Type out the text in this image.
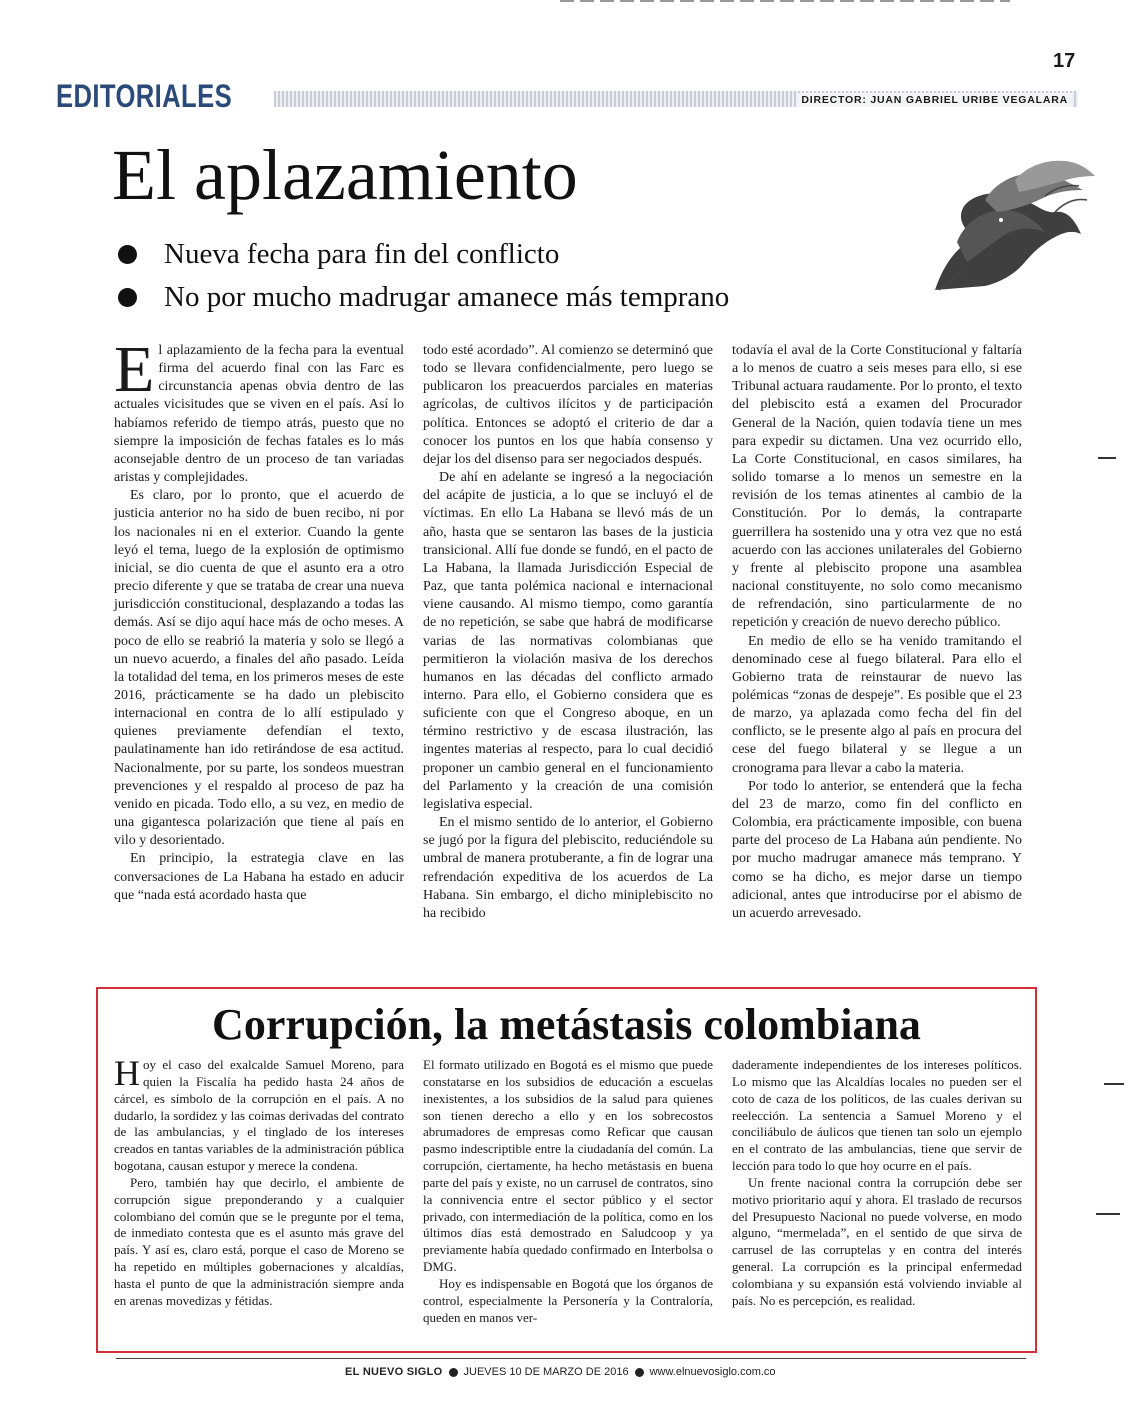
17
EDITORIALES	DIRECTOR: JUAN GABRIEL URIBE VEGALARA
El aplazamiento
Nueva fecha para fin del conflicto
No por mucho madrugar amanece más temprano

El aplazamiento de la fecha para la eventual firma del acuerdo final con las Farc es circunstancia apenas obvia dentro de las actuales vicisitudes que se viven en el país. Así lo habíamos referido de tiempo atrás, puesto que no siempre la imposición de fechas fatales es lo más aconsejable dentro de un proceso de tan variadas aristas y complejidades.

Es claro, por lo pronto, que el acuerdo de justicia anterior no ha sido de buen recibo, ni por los nacionales ni en el exterior. Cuando la gente leyó el tema, luego de la explosión de optimismo inicial, se dio cuenta de que el asunto era a otro precio diferente y que se trataba de crear una nueva jurisdicción constitucional, desplazando a todas las demás. Así se dijo aquí hace más de ocho meses. A poco de ello se reabrió la materia y solo se llegó a un nuevo acuerdo, a finales del año pasado. Leída la totalidad del tema, en los primeros meses de este 2016, prácticamente se ha dado un plebiscito internacional en contra de lo allí estipulado y quienes previamente defendían el texto, paulatinamente han ido retirándose de esa actitud. Nacionalmente, por su parte, los sondeos muestran prevenciones y el respaldo al proceso de paz ha venido en picada. Todo ello, a su vez, en medio de una gigantesca polarización que tiene al país en vilo y desorientado.

En principio, la estrategia clave en las conversaciones de La Habana ha estado en aducir que “nada está acordado hasta que

todo esté acordado”. Al comienzo se determinó que todo se llevara confidencialmente, pero luego se publicaron los preacuerdos parciales en materias agrícolas, de cultivos ilícitos y de participación política. Entonces se adoptó el criterio de dar a conocer los puntos en los que había consenso y dejar los del disenso para ser negociados después.

De ahí en adelante se ingresó a la negociación del acápite de justicia, a lo que se incluyó el de víctimas. En ello La Habana se llevó más de un año, hasta que se sentaron las bases de la justicia transicional. Allí fue donde se fundó, en el pacto de La Habana, la llamada Jurisdicción Especial de Paz, que tanta polémica nacional e internacional viene causando. Al mismo tiempo, como garantía de no repetición, se sabe que habrá de modificarse varias de las normativas colombianas que permitieron la violación masiva de los derechos humanos en las décadas del conflicto armado interno. Para ello, el Gobierno considera que es suficiente con que el Congreso aboque, en un término restrictivo y de escasa ilustración, las ingentes materias al respecto, para lo cual decidió proponer un cambio general en el funcionamiento del Parlamento y la creación de una comisión legislativa especial.

En el mismo sentido de lo anterior, el Gobierno se jugó por la figura del plebiscito, reduciéndole su umbral de manera protuberante, a fin de lograr una refrendación expeditiva de los acuerdos de La Habana. Sin embargo, el dicho miniplebiscito no ha recibido

todavía el aval de la Corte Constitucional y faltaría a lo menos de cuatro a seis meses para ello, si ese Tribunal actuara raudamente. Por lo pronto, el texto del plebiscito está a examen del Procurador General de la Nación, quien todavía tiene un mes para expedir su dictamen. Una vez ocurrido ello, La Corte Constitucional, en casos similares, ha solido tomarse a lo menos un semestre en la revisión de los temas atinentes al cambio de la Constitución. Por lo demás, la contraparte guerrillera ha sostenido una y otra vez que no está acuerdo con las acciones unilaterales del Gobierno y frente al plebiscito propone una asamblea nacional constituyente, no solo como mecanismo de refrendación, sino particularmente de no repetición y creación de nuevo derecho público.

En medio de ello se ha venido tramitando el denominado cese al fuego bilateral. Para ello el Gobierno trata de reinstaurar de nuevo las polémicas “zonas de despeje”. Es posible que el 23 de marzo, ya aplazada como fecha del fin del conflicto, se le presente algo al país en procura del cese del fuego bilateral y se llegue a un cronograma para llevar a cabo la materia.

Por todo lo anterior, se entenderá que la fecha del 23 de marzo, como fin del conflicto en Colombia, era prácticamente imposible, con buena parte del proceso de La Habana aún pendiente. No por mucho madrugar amanece más temprano. Y como se ha dicho, es mejor darse un tiempo adicional, antes que introducirse por el abismo de un acuerdo arrevesado.

Corrupción, la metástasis colombiana

Hoy el caso del exalcalde Samuel Moreno, para quien la Fiscalía ha pedido hasta 24 años de cárcel, es símbolo de la corrupción en el país. A no dudarlo, la sordidez y las coimas derivadas del contrato de las ambulancias, y el tinglado de los intereses creados en tantas variables de la administración pública bogotana, causan estupor y merece la condena.

Pero, también hay que decirlo, el ambiente de corrupción sigue preponderando y a cualquier colombiano del común que se le pregunte por el tema, de inmediato contesta que es el asunto más grave del país. Y así es, claro está, porque el caso de Moreno se ha repetido en múltiples gobernaciones y alcaldías, hasta el punto de que la administración siempre anda en arenas movedizas y fétidas.

El formato utilizado en Bogotá es el mismo que puede constatarse en los subsidios de educación a escuelas inexistentes, a los subsidios de la salud para quienes son tienen derecho a ello y en los sobrecostos abrumadores de empresas como Reficar que causan pasmo indescriptible entre la ciudadanía del común. La corrupción, ciertamente, ha hecho metástasis en buena parte del país y existe, no un carrusel de contratos, sino la connivencia entre el sector público y el sector privado, con intermediación de la política, como en los últimos días está demostrado en Saludcoop y ya previamente había quedado confirmado en Interbolsa o DMG.

Hoy es indispensable en Bogotá que los órganos de control, especialmente la Personería y la Contraloría, queden en manos ver-

daderamente independientes de los intereses políticos. Lo mismo que las Alcaldías locales no pueden ser el coto de caza de los políticos, de las cuales derivan su reelección. La sentencia a Samuel Moreno y el conciliábulo de áulicos que tienen tan solo un ejemplo en el contrato de las ambulancias, tiene que servir de lección para todo lo que hoy ocurre en el país.

Un frente nacional contra la corrupción debe ser motivo prioritario aquí y ahora. El traslado de recursos del Presupuesto Nacional no puede volverse, en modo alguno, “mermelada”, en el sentido de que sirva de carrusel de las corruptelas y en contra del interés general. La corrupción es la principal enfermedad colombiana y su expansión está volviendo inviable al país. No es percepción, es realidad.

EL NUEVO SIGLO JUEVES 10 DE MARZO DE 2016 www.elnuevosiglo.com.co
